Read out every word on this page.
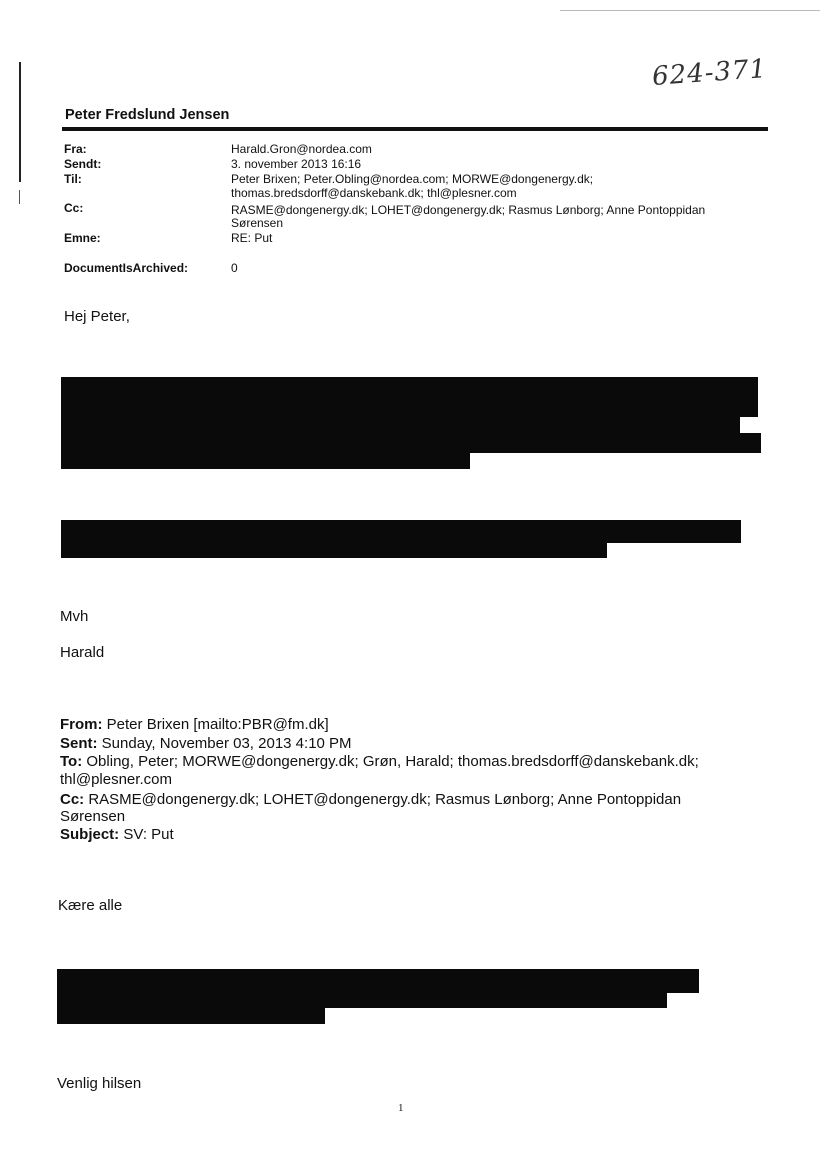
624-371
Peter Fredslund Jensen
Fra:	Harald.Gron@nordea.com
Sendt:	3. november 2013 16:16
Til:	Peter Brixen; Peter.Obling@nordea.com; MORWE@dongenergy.dk;
thomas.bredsdorff@danskebank.dk; thl@plesner.com
Cc:	RASME@dongenergy.dk; LOHET@dongenergy.dk; Rasmus Lønborg; Anne Pontoppidan
Sørensen
Emne:	RE: Put
DocumentIsArchived:	0
Hej Peter,
Mvh
Harald
From: Peter Brixen [mailto:PBR@fm.dk]
Sent: Sunday, November 03, 2013 4:10 PM
To: Obling, Peter; MORWE@dongenergy.dk; Grøn, Harald; thomas.bredsdorff@danskebank.dk;
thl@plesner.com
Cc: RASME@dongenergy.dk; LOHET@dongenergy.dk; Rasmus Lønborg; Anne Pontoppidan
Sørensen
Subject: SV: Put
Kære alle
Venlig hilsen
1
